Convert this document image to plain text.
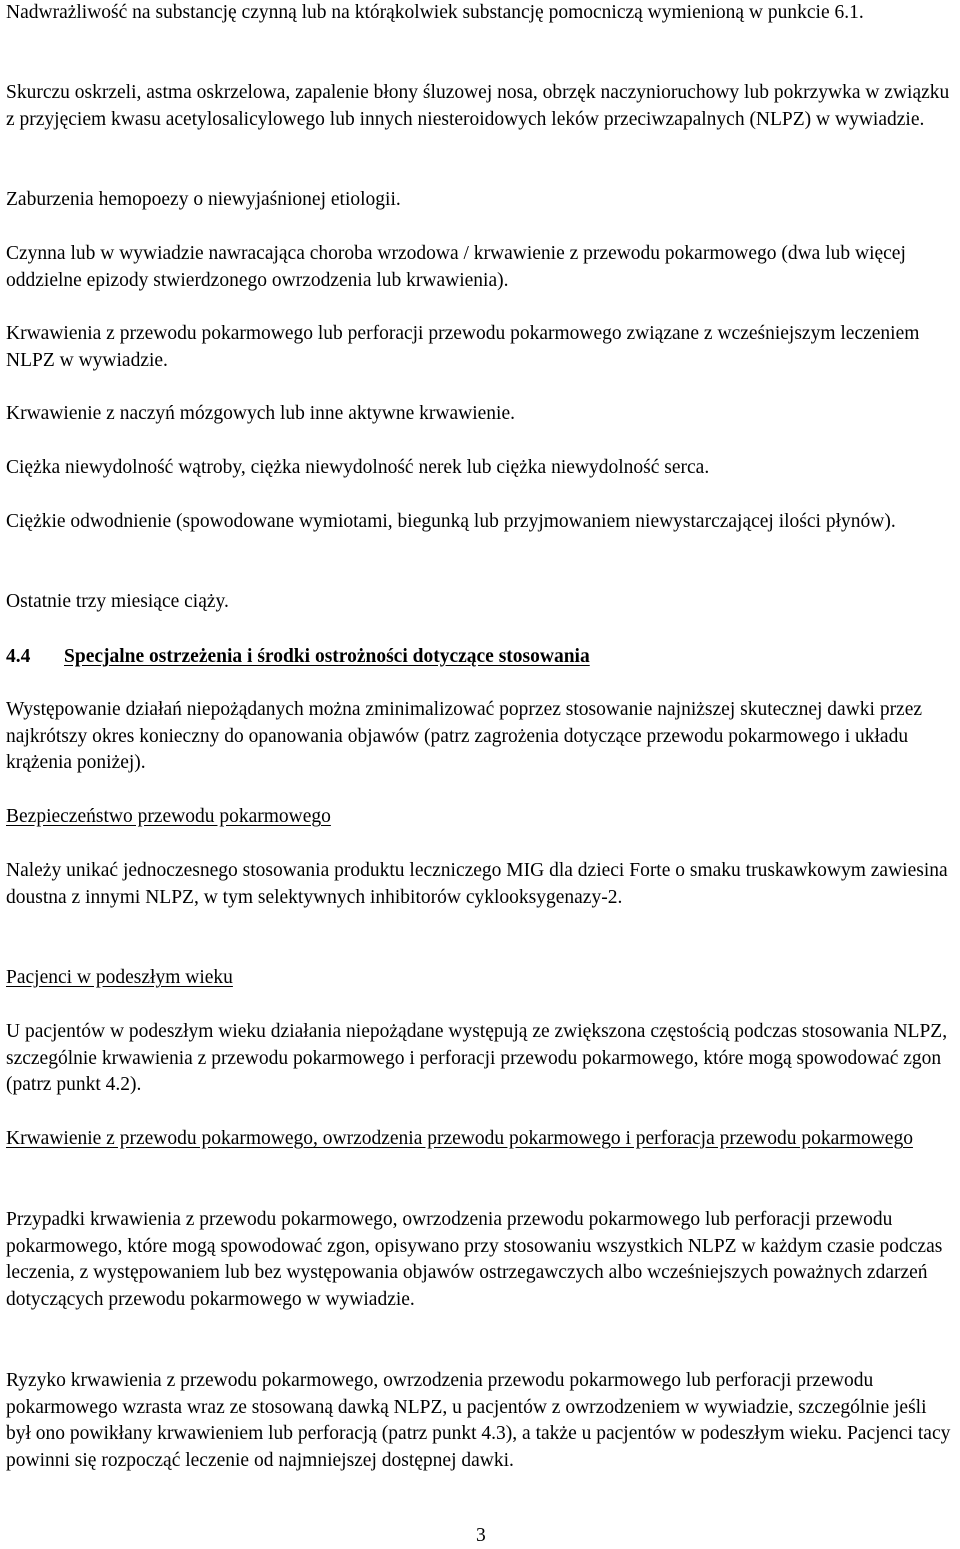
Nadwrażliwość na substancję czynną lub na którąkolwiek substancję pomocniczą wymienioną w punkcie 6.1.

Skurczu oskrzeli, astma oskrzelowa, zapalenie błony śluzowej nosa, obrzęk naczynioruchowy lub pokrzywka w związku z przyjęciem kwasu acetylosalicylowego lub innych niesteroidowych leków przeciwzapalnych (NLPZ) w wywiadzie.

Zaburzenia hemopoezy o niewyjaśnionej etiologii.

Czynna lub w wywiadzie nawracająca choroba wrzodowa / krwawienie z przewodu pokarmowego (dwa lub więcej oddzielne epizody stwierdzonego owrzodzenia lub krwawienia).

Krwawienia z przewodu pokarmowego lub perforacji przewodu pokarmowego związane z wcześniejszym leczeniem NLPZ w wywiadzie.

Krwawienie z naczyń mózgowych lub inne aktywne krwawienie.

Ciężka niewydolność wątroby, ciężka niewydolność nerek lub ciężka niewydolność serca.

Ciężkie odwodnienie (spowodowane wymiotami, biegunką lub przyjmowaniem niewystarczającej ilości płynów).

Ostatnie trzy miesiące ciąży.

4.4 Specjalne ostrzeżenia i środki ostrożności dotyczące stosowania

Występowanie działań niepożądanych można zminimalizować poprzez stosowanie najniższej skutecznej dawki przez najkrótszy okres konieczny do opanowania objawów (patrz zagrożenia dotyczące przewodu pokarmowego i układu krążenia poniżej).

Bezpieczeństwo przewodu pokarmowego

Należy unikać jednoczesnego stosowania produktu leczniczego MIG dla dzieci Forte o smaku truskawkowym zawiesina doustna z innymi NLPZ, w tym selektywnych inhibitorów cyklooksygenazy-2.

Pacjenci w podeszłym wieku

U pacjentów w podeszłym wieku działania niepożądane występują ze zwiększona częstością podczas stosowania NLPZ, szczególnie krwawienia z przewodu pokarmowego i perforacji przewodu pokarmowego, które mogą spowodować zgon (patrz punkt 4.2).

Krwawienie z przewodu pokarmowego, owrzodzenia przewodu pokarmowego i perforacja przewodu pokarmowego

Przypadki krwawienia z przewodu pokarmowego, owrzodzenia przewodu pokarmowego lub perforacji przewodu pokarmowego, które mogą spowodować zgon, opisywano przy stosowaniu wszystkich NLPZ w każdym czasie podczas leczenia, z występowaniem lub bez występowania objawów ostrzegawczych albo wcześniejszych poważnych zdarzeń dotyczących przewodu pokarmowego w wywiadzie.

Ryzyko krwawienia z przewodu pokarmowego, owrzodzenia przewodu pokarmowego lub perforacji przewodu pokarmowego wzrasta wraz ze stosowaną dawką NLPZ, u pacjentów z owrzodzeniem w wywiadzie, szczególnie jeśli był ono powikłany krwawieniem lub perforacją (patrz punkt 4.3), a także u pacjentów w podeszłym wieku. Pacjenci tacy powinni się rozpocząć leczenie od najmniejszej dostępnej dawki.

3
